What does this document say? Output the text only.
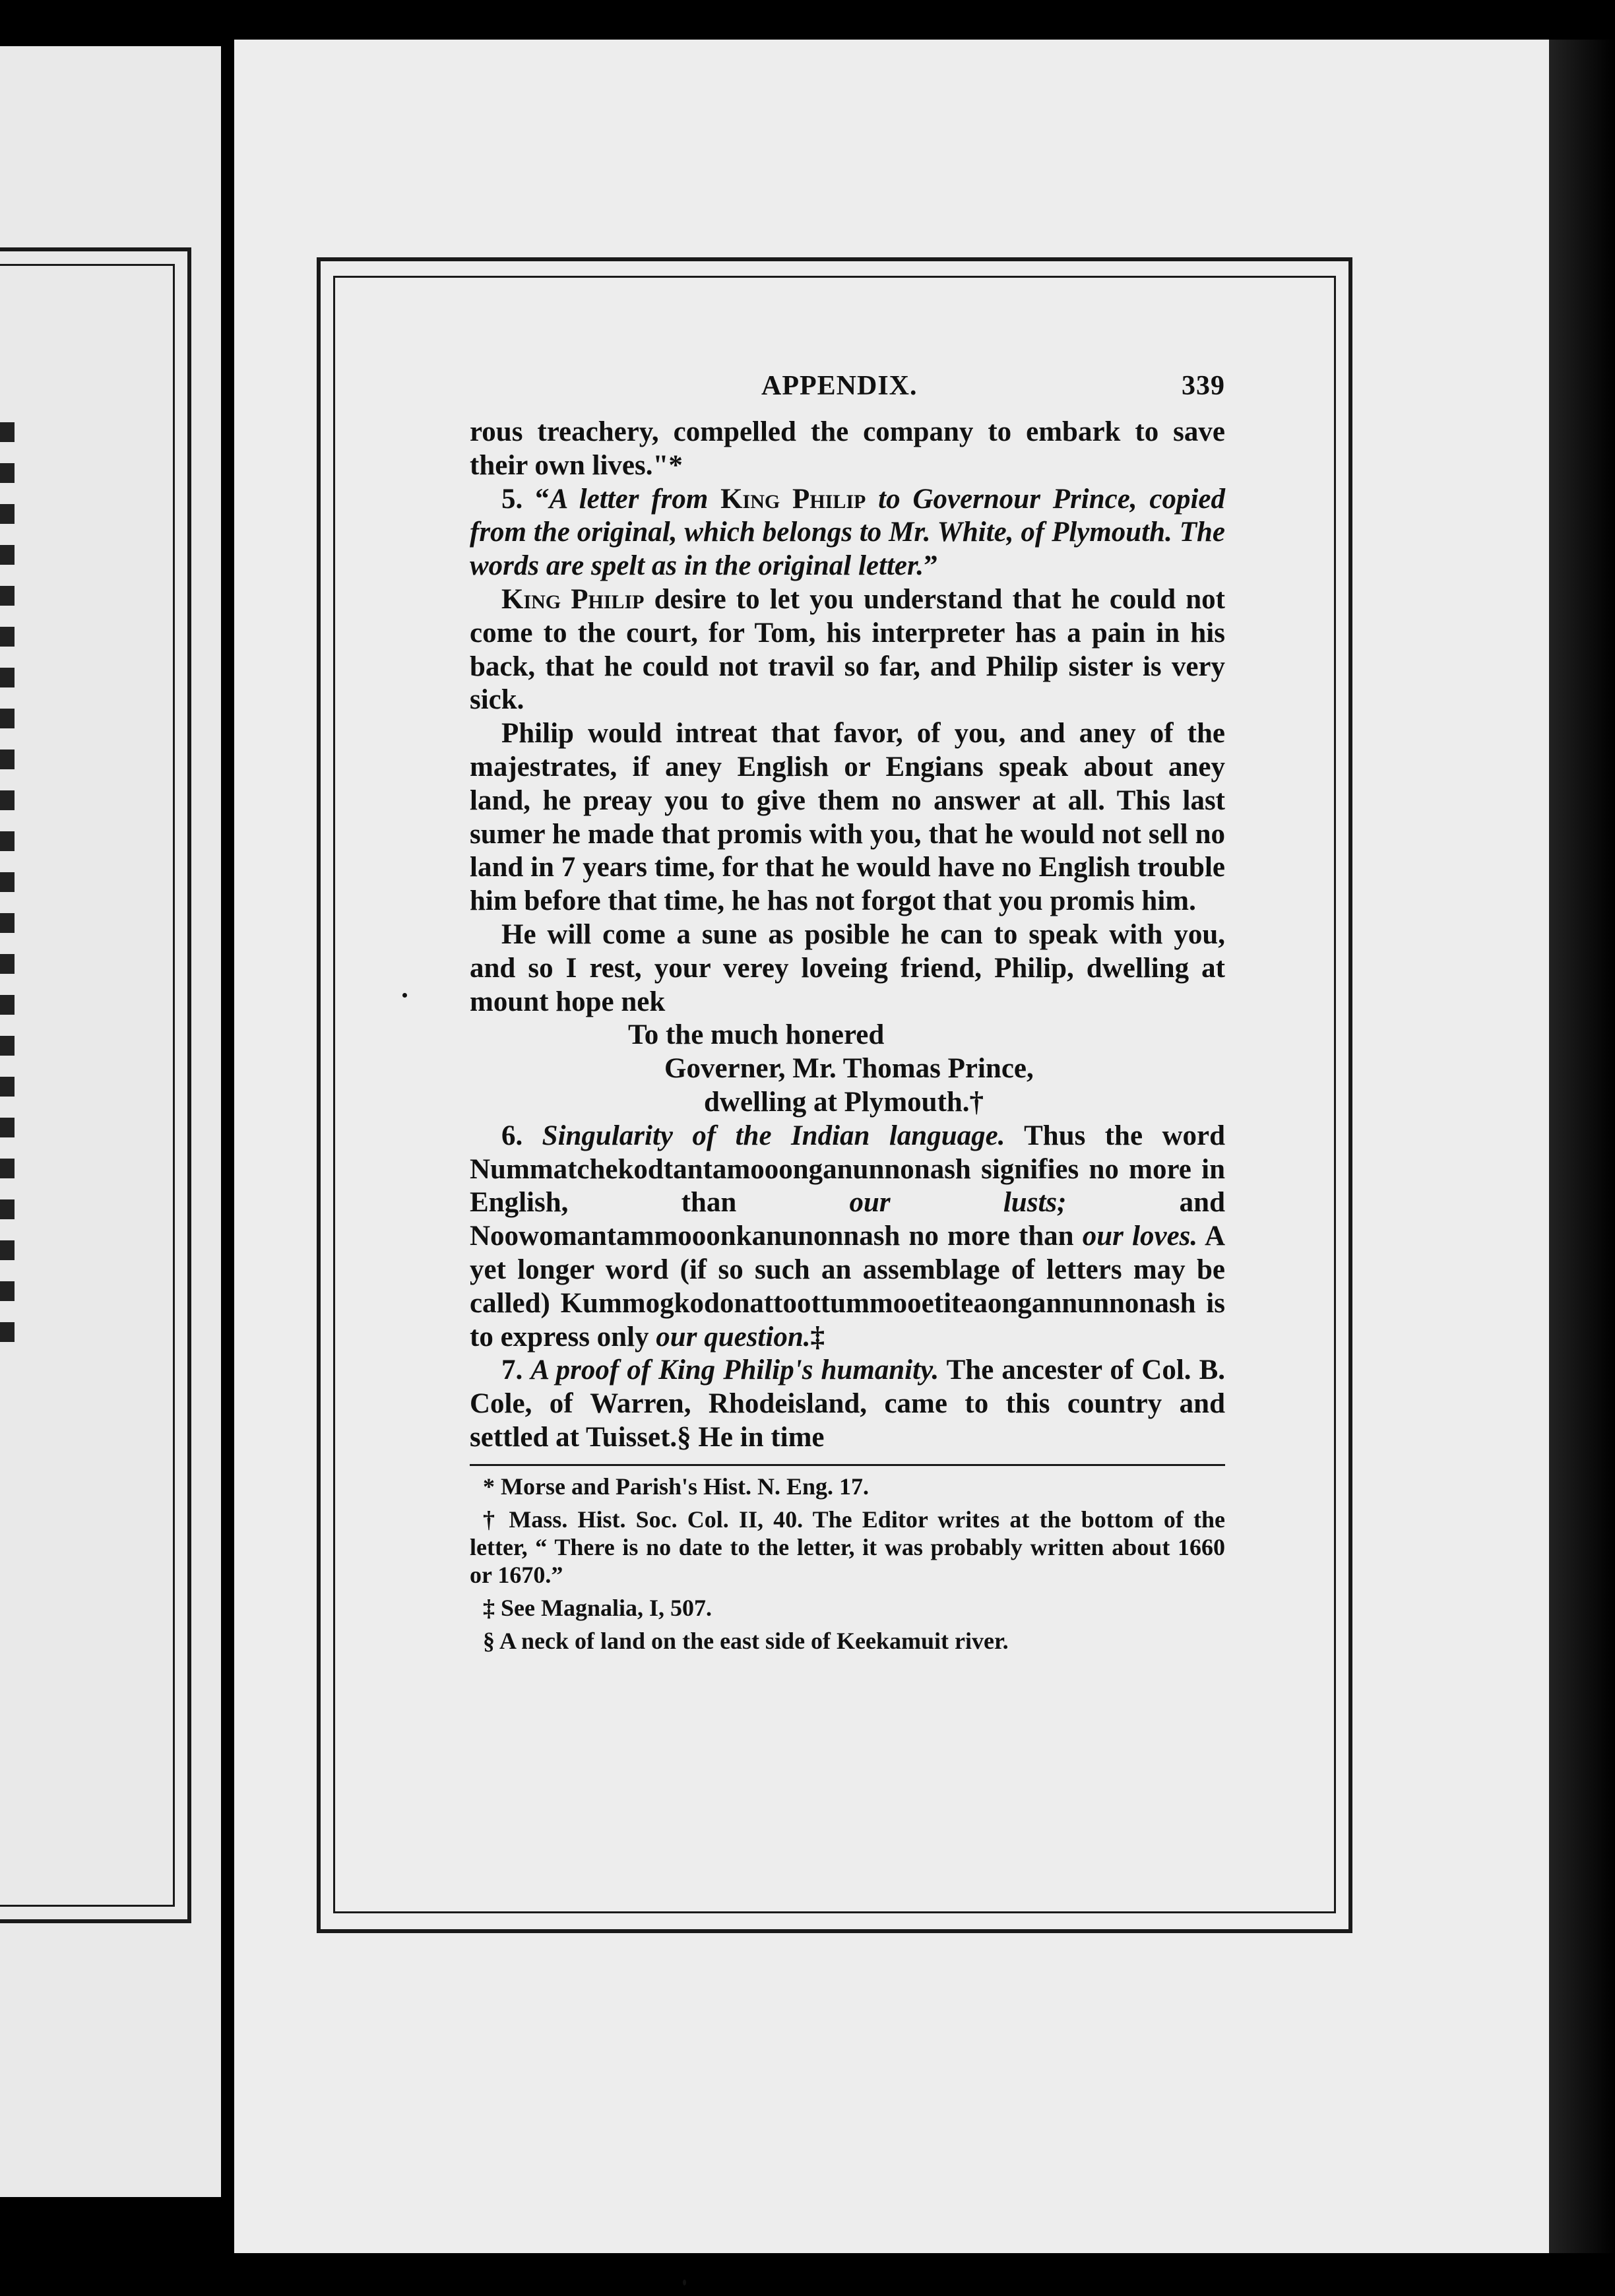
APPENDIX.	339

rous treachery, compelled the company to embark to save their own lives."*

5. “A letter from King Philip to Governour Prince, copied from the original, which belongs to Mr. White, of Plymouth. The words are spelt as in the original letter.”

King Philip desire to let you understand that he could not come to the court, for Tom, his interpreter has a pain in his back, that he could not travil so far, and Philip sister is very sick.

Philip would intreat that favor, of you, and aney of the majestrates, if aney English or Engians speak about aney land, he preay you to give them no answer at all. This last sumer he made that promis with you, that he would not sell no land in 7 years time, for that he would have no English trouble him before that time, he has not forgot that you promis him.

He will come a sune as posible he can to speak with you, and so I rest, your verey loveing friend, Philip, dwelling at mount hope nek

To the much honered

Governer, Mr. Thomas Prince,

dwelling at Plymouth.†

6. Singularity of the Indian language. Thus the word Nummatchekodtantamooonganunnonash signifies no more in English, than	our lusts;	and Noowomantammooonkanunonnash no more than our loves. A yet longer word (if so such an assemblage of letters may be called) Kummogkodonattoottummooetiteaongannunnonash is to express only our question.‡

7. A proof of King Philip's humanity. The ancester of Col. B. Cole, of Warren, Rhodeisland, came to this country and settled at Tuisset.§ He in time

* Morse and Parish's Hist. N. Eng. 17.

† Mass. Hist. Soc. Col. II, 40. The Editor writes at the bottom of the letter, “ There is no date to the letter, it was probably written about 1660 or 1670.”

‡ See Magnalia, I, 507.

§ A neck of land on the east side of Keekamuit river.
